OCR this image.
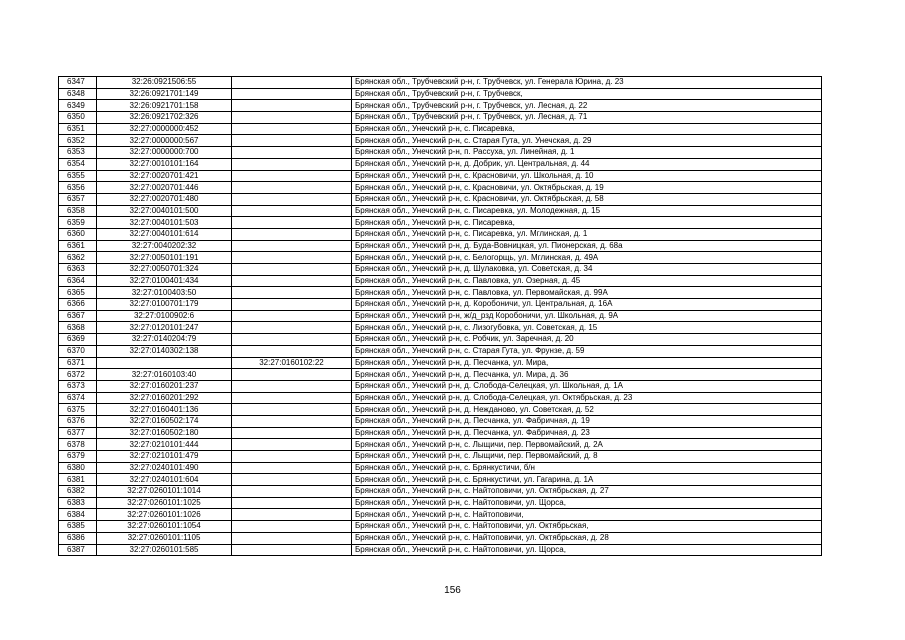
6347	32:26:0921506:55		Брянская обл., Трубчевский р-н, г. Трубчевск, ул. Генерала Юрина, д. 23
6348	32:26:0921701:149		Брянская обл., Трубчевский р-н, г. Трубчевск,
6349	32:26:0921701:158		Брянская обл., Трубчевский р-н, г. Трубчевск, ул. Лесная, д. 22
6350	32:26:0921702:326		Брянская обл., Трубчевский р-н, г. Трубчевск, ул. Лесная, д. 71
6351	32:27:0000000:452		Брянская обл., Унечский р-н, с. Писаревка,
6352	32:27:0000000:567		Брянская обл., Унечский р-н, с. Старая Гута, ул. Унечская, д. 29
6353	32:27:0000000:700		Брянская обл., Унечский р-н, п. Рассуха, ул. Линейная, д. 1
6354	32:27:0010101:164		Брянская обл., Унечский р-н, д. Добрик, ул. Центральная, д. 44
6355	32:27:0020701:421		Брянская обл., Унечский р-н, с. Красновичи, ул. Школьная, д. 10
6356	32:27:0020701:446		Брянская обл., Унечский р-н, с. Красновичи, ул. Октябрьская, д. 19
6357	32:27:0020701:480		Брянская обл., Унечский р-н, с. Красновичи, ул. Октябрьская, д. 58
6358	32:27:0040101:500		Брянская обл., Унечский р-н, с. Писаревка, ул. Молодежная, д. 15
6359	32:27:0040101:503		Брянская обл., Унечский р-н, с. Писаревка,
6360	32:27:0040101:614		Брянская обл., Унечский р-н, с. Писаревка, ул. Мглинская, д. 1
6361	32:27:0040202:32		Брянская обл., Унечский р-н, д. Буда-Вовницкая, ул. Пионерская, д. 68а
6362	32:27:0050101:191		Брянская обл., Унечский р-н, с. Белогорщь, ул. Мглинская, д. 49А
6363	32:27:0050701:324		Брянская обл., Унечский р-н, д. Шулаковка, ул. Советская, д. 34
6364	32:27:0100401:434		Брянская обл., Унечский р-н, с. Павловка, ул. Озерная, д. 45
6365	32:27:0100403:50		Брянская обл., Унечский р-н, с. Павловка, ул. Первомайская, д. 99А
6366	32:27:0100701:179		Брянская обл., Унечский р-н, д. Коробоничи, ул. Центральная, д. 16А
6367	32:27:0100902:6		Брянская обл., Унечский р-н, ж/д_рзд Коробоничи, ул. Школьная, д. 9А
6368	32:27:0120101:247		Брянская обл., Унечский р-н, с. Лизогубовка, ул. Советская, д. 15
6369	32:27:0140204:79		Брянская обл., Унечский р-н, с. Робчик, ул. Заречная, д. 20
6370	32:27:0140302:138		Брянская обл., Унечский р-н, с. Старая Гута, ул. Фрунзе, д. 59
6371		32:27:0160102:22	Брянская обл., Унечский р-н, д. Песчанка, ул. Мира,
6372	32:27:0160103:40		Брянская обл., Унечский р-н, д. Песчанка, ул. Мира, д. 36
6373	32:27:0160201:237		Брянская обл., Унечский р-н, д. Слобода-Селецкая, ул. Школьная, д. 1А
6374	32:27:0160201:292		Брянская обл., Унечский р-н, д. Слобода-Селецкая, ул. Октябрьская, д. 23
6375	32:27:0160401:136		Брянская обл., Унечский р-н, д. Нежданово, ул. Советская, д. 52
6376	32:27:0160502:174		Брянская обл., Унечский р-н, д. Песчанка, ул. Фабричная, д. 19
6377	32:27:0160502:180		Брянская обл., Унечский р-н, д. Песчанка, ул. Фабричная, д. 23
6378	32:27:0210101:444		Брянская обл., Унечский р-н, с. Лыщичи, пер. Первомайский, д. 2А
6379	32:27:0210101:479		Брянская обл., Унечский р-н, с. Лыщичи, пер. Первомайский, д. 8
6380	32:27:0240101:490		Брянская обл., Унечский р-н, с. Брянкустичи, б/н
6381	32:27:0240101:604		Брянская обл., Унечский р-н, с. Брянкустичи, ул. Гагарина, д. 1А
6382	32:27:0260101:1014		Брянская обл., Унечский р-н, с. Найтоповичи, ул. Октябрьская, д. 27
6383	32:27:0260101:1025		Брянская обл., Унечский р-н, с. Найтоповичи, ул. Щорса,
6384	32:27:0260101:1026		Брянская обл., Унечский р-н, с. Найтоповичи,
6385	32:27:0260101:1054		Брянская обл., Унечский р-н, с. Найтоповичи, ул. Октябрьская,
6386	32:27:0260101:1105		Брянская обл., Унечский р-н, с. Найтоповичи, ул. Октябрьская, д. 28
6387	32:27:0260101:585		Брянская обл., Унечский р-н, с. Найтоповичи, ул. Щорса,
156
